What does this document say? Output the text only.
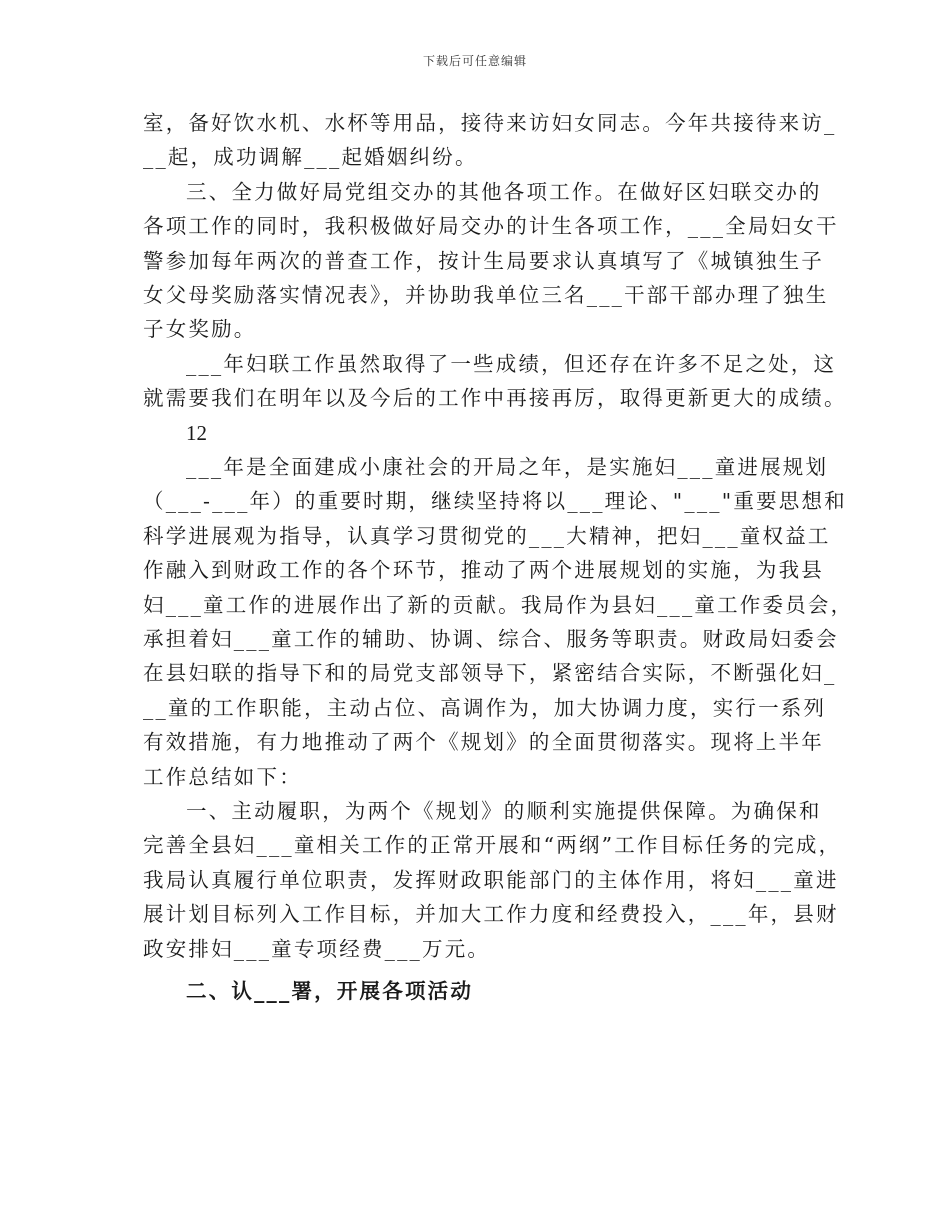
下载后可任意编辑
室，备好饮水机、水杯等用品，接待来访妇女同志。今年共接待来访_
__起，成功调解___起婚姻纠纷。
三、全力做好局党组交办的其他各项工作。在做好区妇联交办的
各项工作的同时，我积极做好局交办的计生各项工作，___全局妇女干
警参加每年两次的普查工作，按计生局要求认真填写了《城镇独生子
女父母奖励落实情况表》，并协助我单位三名___干部干部办理了独生
子女奖励。
___年妇联工作虽然取得了一些成绩，但还存在许多不足之处，这
就需要我们在明年以及今后的工作中再接再厉，取得更新更大的成绩。
12
___年是全面建成小康社会的开局之年，是实施妇___童进展规划
（___-___年）的重要时期，继续坚持将以___理论、"___"重要思想和
科学进展观为指导，认真学习贯彻党的___大精神，把妇___童权益工
作融入到财政工作的各个环节，推动了两个进展规划的实施，为我县
妇___童工作的进展作出了新的贡献。我局作为县妇___童工作委员会，
承担着妇___童工作的辅助、协调、综合、服务等职责。财政局妇委会
在县妇联的指导下和的局党支部领导下，紧密结合实际，不断强化妇_
__童的工作职能，主动占位、高调作为，加大协调力度，实行一系列
有效措施，有力地推动了两个《规划》的全面贯彻落实。现将上半年
工作总结如下：
一、主动履职，为两个《规划》的顺利实施提供保障。为确保和
完善全县妇___童相关工作的正常开展和“两纲”工作目标任务的完成，
我局认真履行单位职责，发挥财政职能部门的主体作用，将妇___童进
展计划目标列入工作目标，并加大工作力度和经费投入，___年，县财
政安排妇___童专项经费___万元。
二、认___署，开展各项活动
